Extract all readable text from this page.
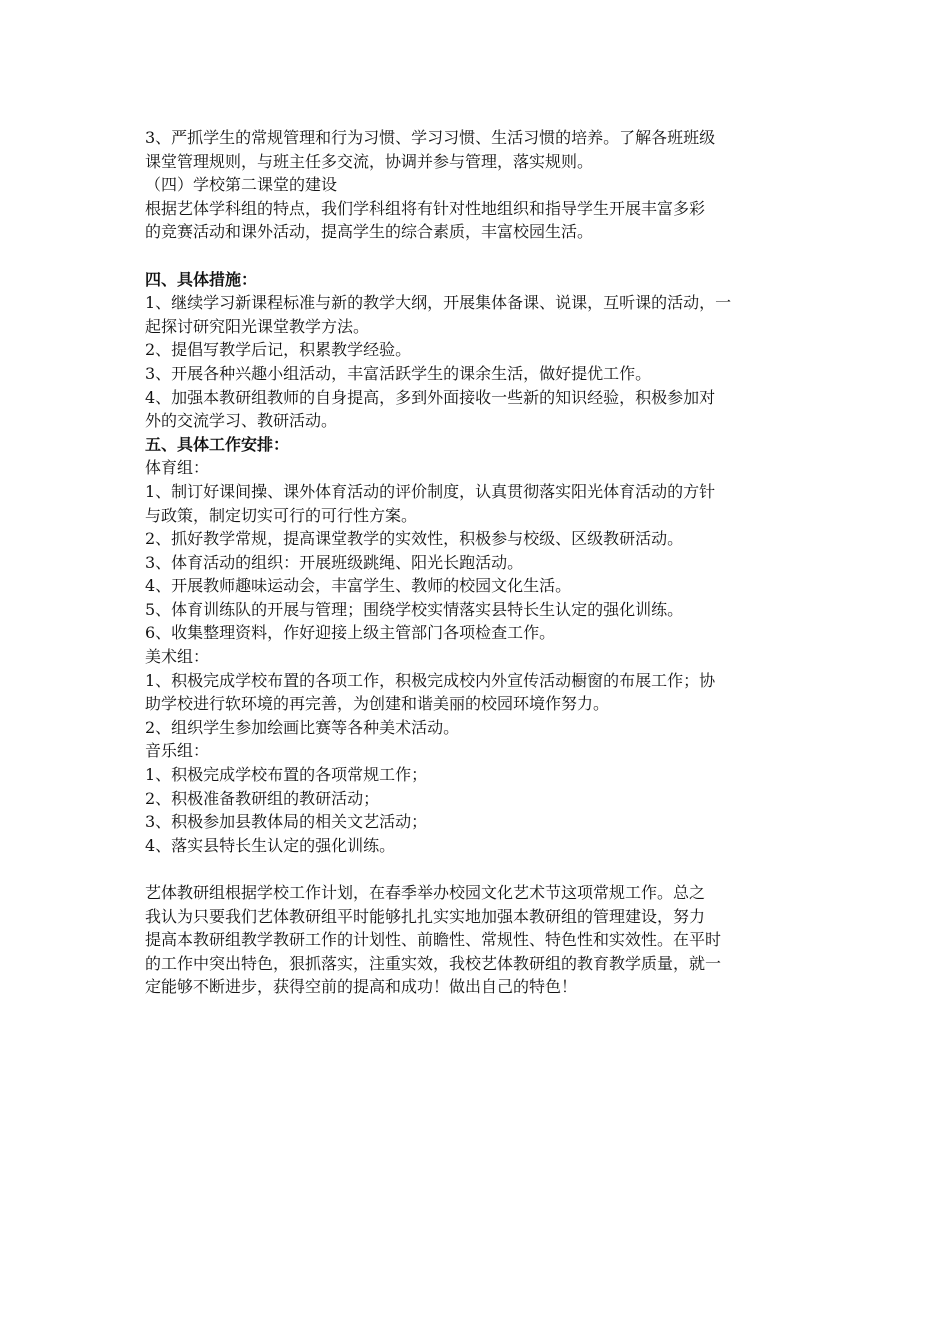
3、严抓学生的常规管理和行为习惯、学习习惯、生活习惯的培养。了解各班班级
课堂管理规则，与班主任多交流，协调并参与管理，落实规则。
（四）学校第二课堂的建设
根据艺体学科组的特点，我们学科组将有针对性地组织和指导学生开展丰富多彩
的竞赛活动和课外活动，提高学生的综合素质，丰富校园生活。
四、具体措施：
1、继续学习新课程标准与新的教学大纲，开展集体备课、说课，互听课的活动，一
起探讨研究阳光课堂教学方法。
2、提倡写教学后记，积累教学经验。
3、开展各种兴趣小组活动，丰富活跃学生的课余生活，做好提优工作。
4、加强本教研组教师的自身提高，多到外面接收一些新的知识经验，积极参加对
外的交流学习、教研活动。
五、具体工作安排：
体育组：
1、制订好课间操、课外体育活动的评价制度，认真贯彻落实阳光体育活动的方针
与政策，制定切实可行的可行性方案。
2、抓好教学常规，提高课堂教学的实效性，积极参与校级、区级教研活动。
3、体育活动的组织：开展班级跳绳、阳光长跑活动。
4、开展教师趣味运动会，丰富学生、教师的校园文化生活。
5、体育训练队的开展与管理；围绕学校实情落实县特长生认定的强化训练。
6、收集整理资料，作好迎接上级主管部门各项检查工作。
美术组：
1、积极完成学校布置的各项工作，积极完成校内外宣传活动橱窗的布展工作；协
助学校进行软环境的再完善，为创建和谐美丽的校园环境作努力。
2、组织学生参加绘画比赛等各种美术活动。
音乐组：
1、积极完成学校布置的各项常规工作；
2、积极准备教研组的教研活动；
3、积极参加县教体局的相关文艺活动；
4、落实县特长生认定的强化训练。
艺体教研组根据学校工作计划，在春季举办校园文化艺术节这项常规工作。总之
我认为只要我们艺体教研组平时能够扎扎实实地加强本教研组的管理建设，努力
提高本教研组教学教研工作的计划性、前瞻性、常规性、特色性和实效性。在平时
的工作中突出特色，狠抓落实，注重实效，我校艺体教研组的教育教学质量，就一
定能够不断进步，获得空前的提高和成功！做出自己的特色！
